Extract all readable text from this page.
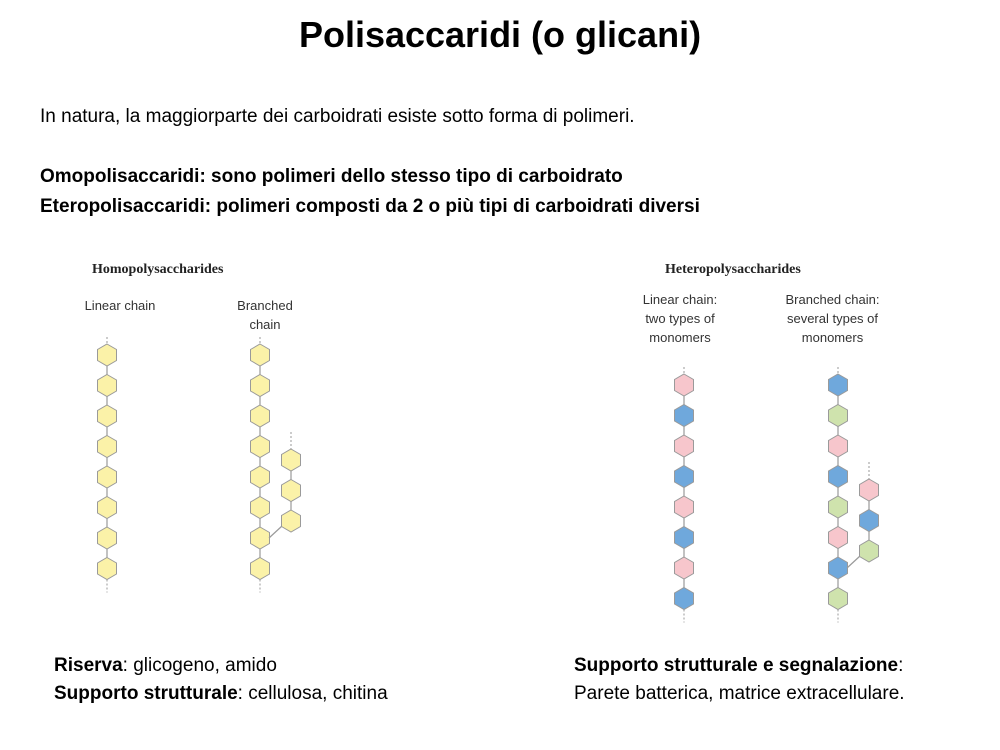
Polisaccaridi (o glicani)

In natura, la maggiorparte dei carboidrati esiste sotto forma di polimeri.

Omopolisaccaridi: sono polimeri dello stesso tipo di carboidrato

Eteropolisaccaridi: polimeri composti da 2 o più tipi di carboidrati diversi

Homopolysaccharides
Linear chain	Branched
chain
Heteropolysaccharides
Linear chain:
two types of
monomers
Branched chain:
several types of
monomers
Riserva: glicogeno, amido
Supporto strutturale: cellulosa, chitina
Supporto strutturale e segnalazione:
Parete batterica, matrice extracellulare.
